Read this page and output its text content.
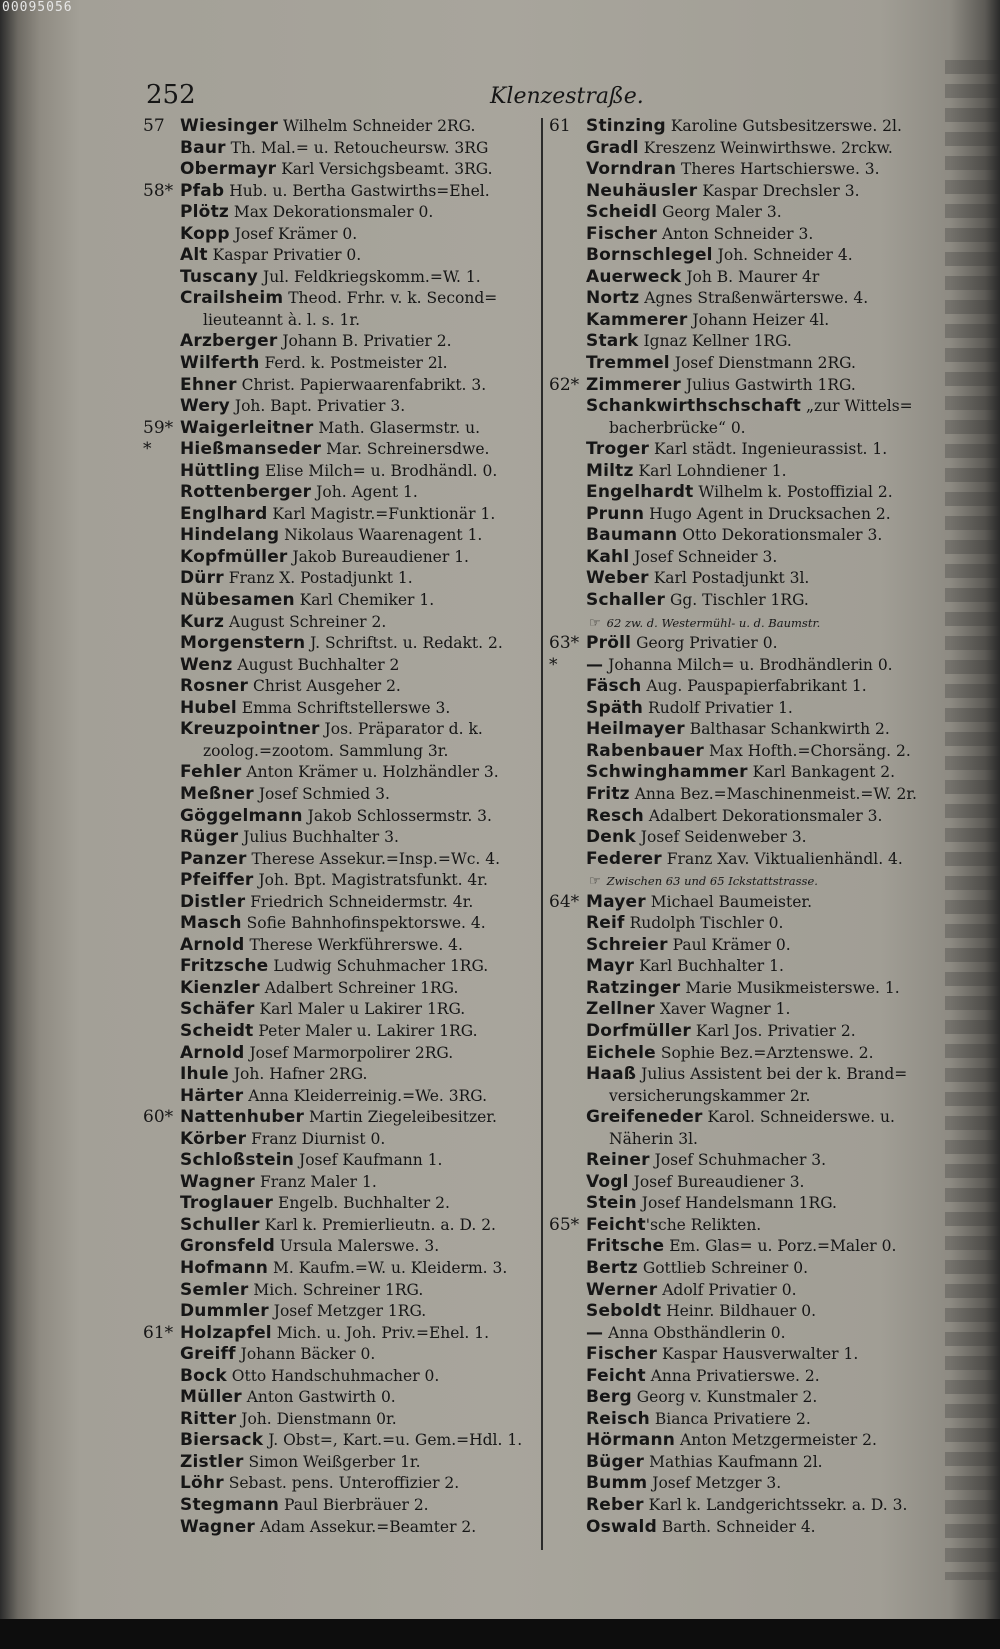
00095056
252	Klenzestraße.
57 Wiesinger Wilhelm Schneider 2RG.
Baur Th. Mal.= u. Retoucheursw. 3RG
Obermayr Karl Versichgsbeamt. 3RG.
58* Pfab Hub. u. Bertha Gastwirths=Ehel.
Plötz Max Dekorationsmaler 0.
Kopp Josef Krämer 0.
Alt Kaspar Privatier 0.
Tuscany Jul. Feldkriegskomm.=W. 1.
Crailsheim Theod. Frhr. v. k. Second=
lieuteannt à. l. s. 1r.
Arzberger Johann B. Privatier 2.
Wilferth Ferd. k. Postmeister 2l.
Ehner Christ. Papierwaarenfabrikt. 3.
Wery Joh. Bapt. Privatier 3.
59* Waigerleitner Math. Glasermstr. u.
* Hießmanseder Mar. Schreinersdwe.
Hüttling Elise Milch= u. Brodhändl. 0.
Rottenberger Joh. Agent 1.
Englhard Karl Magistr.=Funktionär 1.
Hindelang Nikolaus Waarenagent 1.
Kopfmüller Jakob Bureaudiener 1.
Dürr Franz X. Postadjunkt 1.
Nübesamen Karl Chemiker 1.
Kurz August Schreiner 2.
Morgenstern J. Schriftst. u. Redakt. 2.
Wenz August Buchhalter 2
Rosner Christ Ausgeher 2.
Hubel Emma Schriftstellerswe 3.
Kreuzpointner Jos. Präparator d. k.
zoolog.=zootom. Sammlung 3r.
Fehler Anton Krämer u. Holzhändler 3.
Meßner Josef Schmied 3.
Göggelmann Jakob Schlossermstr. 3.
Rüger Julius Buchhalter 3.
Panzer Therese Assekur.=Insp.=Wc. 4.
Pfeiffer Joh. Bpt. Magistratsfunkt. 4r.
Distler Friedrich Schneidermstr. 4r.
Masch Sofie Bahnhofinspektorswe. 4.
Arnold Therese Werkführerswe. 4.
Fritzsche Ludwig Schuhmacher 1RG.
Kienzler Adalbert Schreiner 1RG.
Schäfer Karl Maler u Lakirer 1RG.
Scheidt Peter Maler u. Lakirer 1RG.
Arnold Josef Marmorpolirer 2RG.
Ihule Joh. Hafner 2RG.
Härter Anna Kleiderreinig.=We. 3RG.
60* Nattenhuber Martin Ziegeleibesitzer.
Körber Franz Diurnist 0.
Schloßstein Josef Kaufmann 1.
Wagner Franz Maler 1.
Troglauer Engelb. Buchhalter 2.
Schuller Karl k. Premierlieutn. a. D. 2.
Gronsfeld Ursula Malerswe. 3.
Hofmann M. Kaufm.=W. u. Kleiderm. 3.
Semler Mich. Schreiner 1RG.
Dummler Josef Metzger 1RG.
61* Holzapfel Mich. u. Joh. Priv.=Ehel. 1.
Greiff Johann Bäcker 0.
Bock Otto Handschuhmacher 0.
Müller Anton Gastwirth 0.
Ritter Joh. Dienstmann 0r.
Biersack J. Obst=, Kart.=u. Gem.=Hdl. 1.
Zistler Simon Weißgerber 1r.
Löhr Sebast. pens. Unteroffizier 2.
Stegmann Paul Bierbräuer 2.
Wagner Adam Assekur.=Beamter 2.
61 Stinzing Karoline Gutsbesitzerswe. 2l.
Gradl Kreszenz Weinwirthswe. 2rckw.
Vorndran Theres Hartschierswe. 3.
Neuhäusler Kaspar Drechsler 3.
Scheidl Georg Maler 3.
Fischer Anton Schneider 3.
Bornschlegel Joh. Schneider 4.
Auerweck Joh B. Maurer 4r
Nortz Agnes Straßenwärterswe. 4.
Kammerer Johann Heizer 4l.
Stark Ignaz Kellner 1RG.
Tremmel Josef Dienstmann 2RG.
62* Zimmerer Julius Gastwirth 1RG.
Schankwirthschschaft „zur Wittels=
bacherbrücke“ 0.
Troger Karl städt. Ingenieurassist. 1.
Miltz Karl Lohndiener 1.
Engelhardt Wilhelm k. Postoffizial 2.
Prunn Hugo Agent in Drucksachen 2.
Baumann Otto Dekorationsmaler 3.
Kahl Josef Schneider 3.
Weber Karl Postadjunkt 3l.
Schaller Gg. Tischler 1RG.
☞ 62 zw. d. Westermühl- u. d. Baumstr.
63* Pröll Georg Privatier 0.
* — Johanna Milch= u. Brodhändlerin 0.
Fäsch Aug. Pauspapierfabrikant 1.
Späth Rudolf Privatier 1.
Heilmayer Balthasar Schankwirth 2.
Rabenbauer Max Hofth.=Chorsäng. 2.
Schwinghammer Karl Bankagent 2.
Fritz Anna Bez.=Maschinenmeist.=W. 2r.
Resch Adalbert Dekorationsmaler 3.
Denk Josef Seidenweber 3.
Federer Franz Xav. Viktualienhändl. 4.
☞ Zwischen 63 und 65 Ickstattstrasse.
64* Mayer Michael Baumeister.
Reif Rudolph Tischler 0.
Schreier Paul Krämer 0.
Mayr Karl Buchhalter 1.
Ratzinger Marie Musikmeisterswe. 1.
Zellner Xaver Wagner 1.
Dorfmüller Karl Jos. Privatier 2.
Eichele Sophie Bez.=Arztenswe. 2.
Haaß Julius Assistent bei der k. Brand=
versicherungskammer 2r.
Greifeneder Karol. Schneiderswe. u.
Näherin 3l.
Reiner Josef Schuhmacher 3.
Vogl Josef Bureaudiener 3.
Stein Josef Handelsmann 1RG.
65* Feicht'sche Relikten.
Fritsche Em. Glas= u. Porz.=Maler 0.
Bertz Gottlieb Schreiner 0.
Werner Adolf Privatier 0.
Seboldt Heinr. Bildhauer 0.
— Anna Obsthändlerin 0.
Fischer Kaspar Hausverwalter 1.
Feicht Anna Privatierswe. 2.
Berg Georg v. Kunstmaler 2.
Reisch Bianca Privatiere 2.
Hörmann Anton Metzgermeister 2.
Büger Mathias Kaufmann 2l.
Bumm Josef Metzger 3.
Reber Karl k. Landgerichtssekr. a. D. 3.
Oswald Barth. Schneider 4.
